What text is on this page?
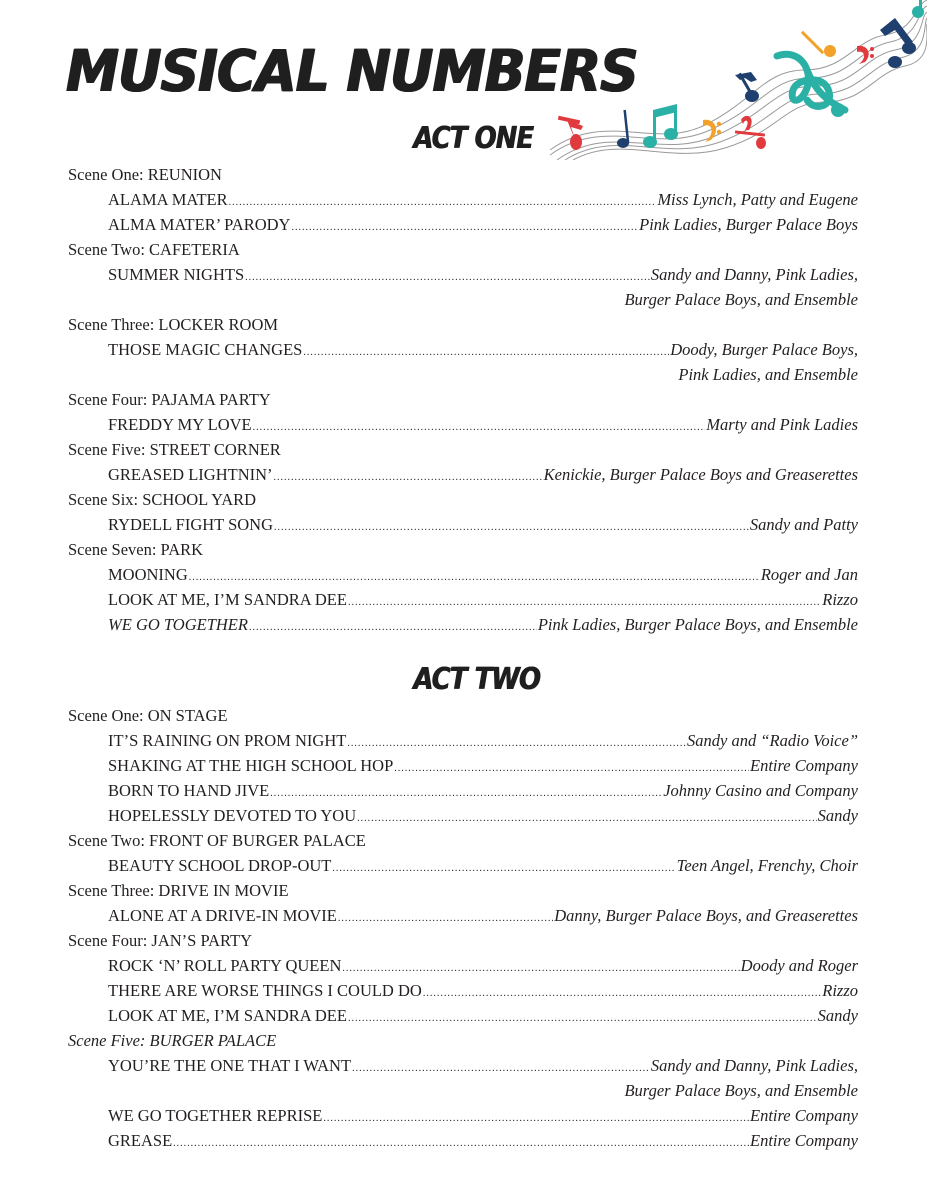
MUSICAL NUMBERS
ACT ONE
Scene One: REUNION
ALAMA MATER .....	Miss Lynch, Patty and Eugene
ALMA MATER’ PARODY .....	Pink Ladies, Burger Palace Boys
Scene Two: CAFETERIA
SUMMER NIGHTS .....	Sandy and Danny, Pink Ladies,
Burger Palace Boys, and Ensemble
Scene Three: LOCKER ROOM
THOSE MAGIC CHANGES .....	Doody, Burger Palace Boys,
Pink Ladies, and Ensemble
Scene Four: PAJAMA PARTY
FREDDY MY LOVE .....	Marty and Pink Ladies
Scene Five: STREET CORNER
GREASED LIGHTNIN’ .....	Kenickie, Burger Palace Boys and Greaserettes
Scene Six: SCHOOL YARD
RYDELL FIGHT SONG .....	Sandy and Patty
Scene Seven: PARK
MOONING .....	Roger and Jan
LOOK AT ME, I’M SANDRA DEE .....	Rizzo
WE GO TOGETHER .....	Pink Ladies, Burger Palace Boys, and Ensemble
ACT TWO
Scene One: ON STAGE
IT’S RAINING ON PROM NIGHT .....	Sandy and “Radio Voice”
SHAKING AT THE HIGH SCHOOL HOP .....	Entire Company
BORN TO HAND JIVE .....	Johnny Casino and Company
HOPELESSLY DEVOTED TO YOU .....	Sandy
Scene Two: FRONT OF BURGER PALACE
BEAUTY SCHOOL DROP-OUT .....	Teen Angel, Frenchy, Choir
Scene Three: DRIVE IN MOVIE
ALONE AT A DRIVE-IN MOVIE .....	Danny, Burger Palace Boys, and Greaserettes
Scene Four: JAN’S PARTY
ROCK ‘N’ ROLL PARTY QUEEN .....	Doody and Roger
THERE ARE WORSE THINGS I COULD DO .....	Rizzo
LOOK AT ME, I’M SANDRA DEE .....	Sandy
Scene Five: BURGER PALACE
YOU’RE THE ONE THAT I WANT .....	Sandy and Danny, Pink Ladies,
Burger Palace Boys, and Ensemble
WE GO TOGETHER REPRISE .....	Entire Company
GREASE .....	Entire Company
